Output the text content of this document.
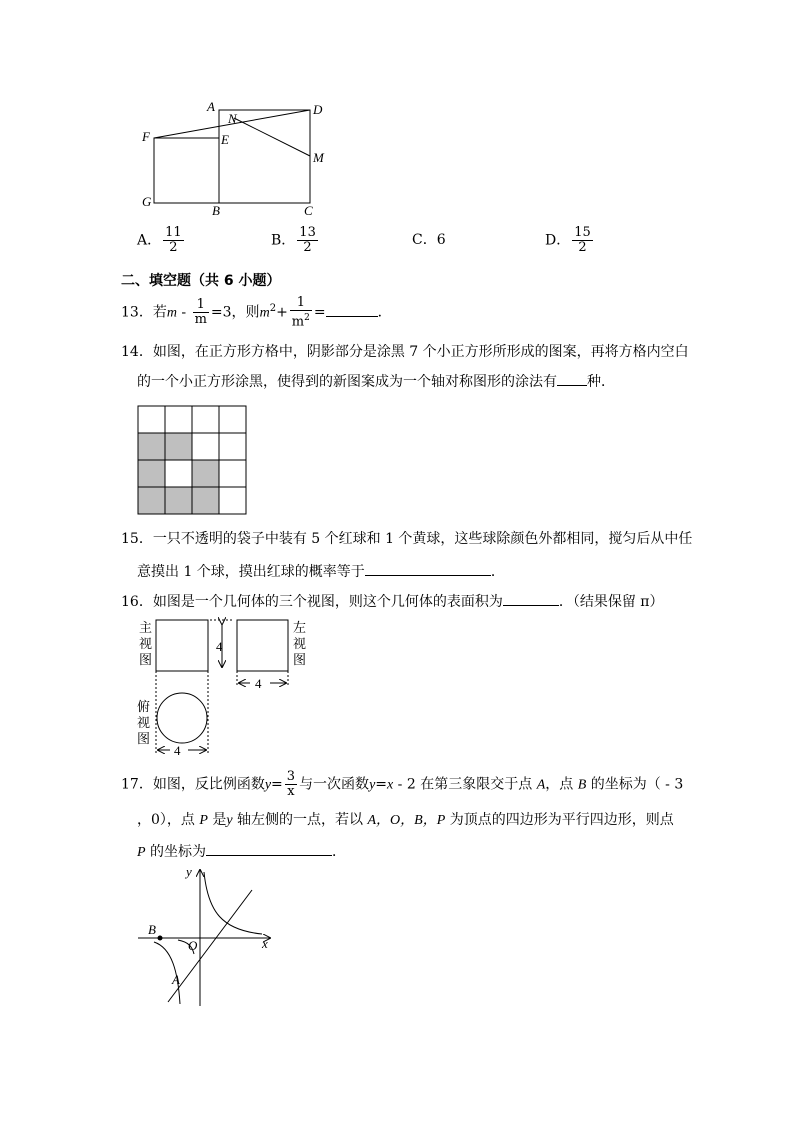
A
N
D
F	E
M
G
B	C
A． $\frac{11}{2}$	B． $\frac{13}{2}$	C．6	D． $\frac{15}{2}$
二、填空题（共 6 小题）
13．若$m - \frac{1}{m} =3$，则$m^2+ \frac{1}{m^2}$ =	．
14．如图，在正方形方格中，阴影部分是涂黑 7 个小正方形所形成的图案，再将方格内空白
的一个小正方形涂黑，使得到的新图案成为一个轴对称图形的涂法有 种．
15．一只不透明的袋子中装有 5 个红球和 1 个黄球，这些球除颜色外都相同，搅匀后从中任
意摸出 1 个球，摸出红球的概率等于	．
16．如图是一个几何体的三个视图，则这个几何体的表面积为	．（结果保留 π）
4
4
4
主
视
图
左
视
图
俯
视
图
17．如图，反比例函数$y= \frac{3}{x}$ 与一次函数y=x - 2 在第三象限交于点 A，点 B 的坐标为（ - 3
，0），点 P 是y 轴左侧的一点，若以 A，O，B，P 为顶点的四边形为平行四边形，则点
P 的坐标为	．
O
B
A
y
x
